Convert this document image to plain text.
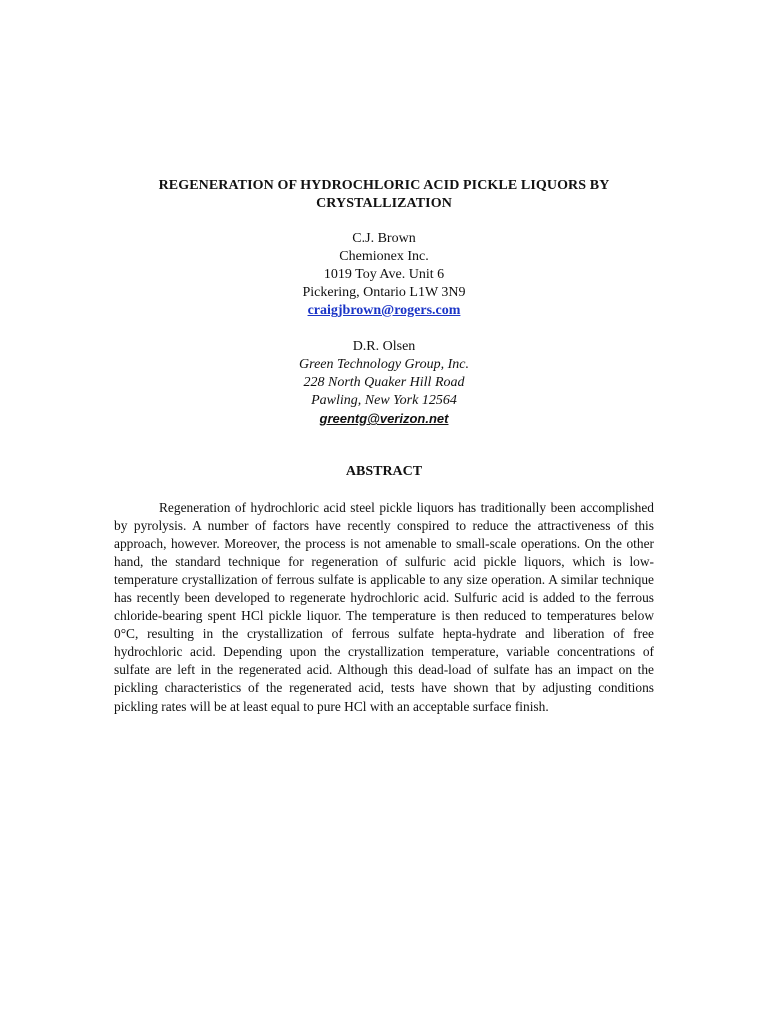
REGENERATION OF HYDROCHLORIC ACID PICKLE LIQUORS BY
CRYSTALLIZATION
C.J. Brown
Chemionex Inc.
1019 Toy Ave. Unit 6
Pickering, Ontario L1W 3N9
craigjbrown@rogers.com
D.R. Olsen
Green Technology Group, Inc.
228 North Quaker Hill Road
Pawling, New York 12564
greentg@verizon.net
ABSTRACT

Regeneration of hydrochloric acid steel pickle liquors has traditionally been accomplished by pyrolysis. A number of factors have recently conspired to reduce the attractiveness of this approach, however. Moreover, the process is not amenable to small-scale operations. On the other hand, the standard technique for regeneration of sulfuric acid pickle liquors, which is low-temperature crystallization of ferrous sulfate is applicable to any size operation. A similar technique has recently been developed to regenerate hydrochloric acid. Sulfuric acid is added to the ferrous chloride-bearing spent HCl pickle liquor. The temperature is then reduced to temperatures below 0°C, resulting in the crystallization of ferrous sulfate hepta-hydrate and liberation of free hydrochloric acid. Depending upon the crystallization temperature, variable concentrations of sulfate are left in the regenerated acid. Although this dead-load of sulfate has an impact on the pickling characteristics of the regenerated acid, tests have shown that by adjusting conditions pickling rates will be at least equal to pure HCl with an acceptable surface finish.
